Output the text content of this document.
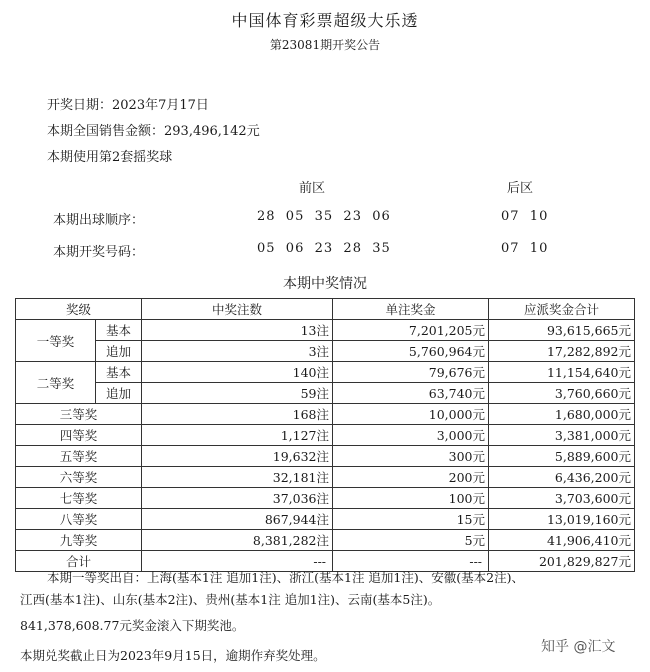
中国体育彩票超级大乐透
第23081期开奖公告
开奖日期：2023年7月17日
本期全国销售金额：293,496,142元
本期使用第2套摇奖球
前区	后区
本期出球顺序：	28  05  35  23  06	07  10
本期开奖号码：	05  06  23  28  35	07  10
本期中奖情况
奖级		中奖注数	单注奖金	应派奖金合计
一等奖	基本	13注	7,201,205元	93,615,665元
	追加	3注	5,760,964元	17,282,892元
二等奖	基本	140注	79,676元	11,154,640元
	追加	59注	63,740元	3,760,660元
三等奖		168注	10,000元	1,680,000元
四等奖		1,127注	3,000元	3,381,000元
五等奖		19,632注	300元	5,889,600元
六等奖		32,181注	200元	6,436,200元
七等奖		37,036注	100元	3,703,600元
八等奖		867,944注	15元	13,019,160元
九等奖		8,381,282注	5元	41,906,410元
合计		---	---	201,829,827元
本期一等奖出自：上海(基本1注 追加1注)、浙江(基本1注 追加1注)、安徽(基本2注)、
江西(基本1注)、山东(基本2注)、贵州(基本1注 追加1注)、云南(基本5注)。
841,378,608.77元奖金滚入下期奖池。
本期兑奖截止日为2023年9月15日，逾期作弃奖处理。
知乎 @汇文
